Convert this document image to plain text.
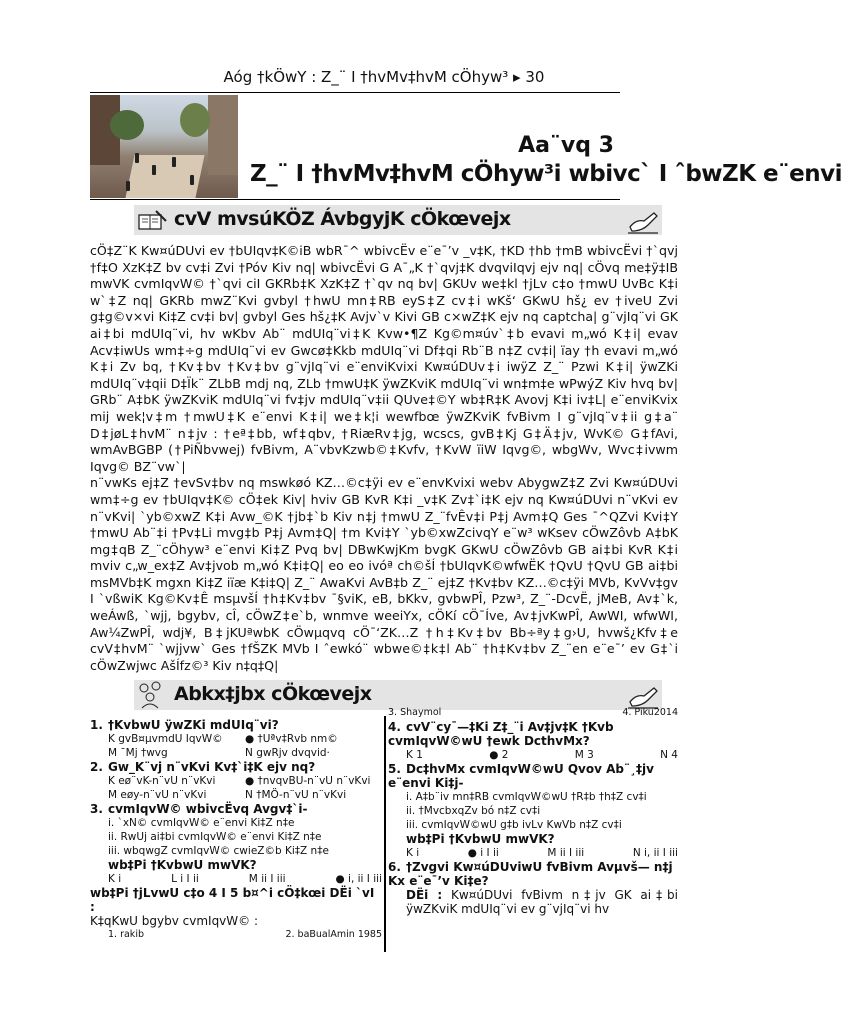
Aóg †kÖwY : Z_¨ I †hvMv‡hvM cÖhyw³ ▸ 30
Aa¨vq 3
Z_¨ I †hvMv‡hvM cÖhyw³i wbivc` I ˆbwZK e¨envi
cvV mvsúKÖZ ÁvbgyjK cÖkœvejx

cÖ‡Z¨K Kw¤úDUvi ev †bUIqv‡K©iB wbR¯^ wbivcËv e¨e¯’v _v‡K, †KD †hb †mB wbivcËvi †`qvj †f‡O XzK‡Z bv cv‡i Zvi †Póv Kiv nq| wbivcËvi G A¯„K †`qvj‡K dvqviIqvj ejv nq| cÖvq me‡ÿ‡IB mwVK cvmIqvW© †`qvi ciI GKRb‡K XzK‡Z †`qv nq bv| GKUv we‡kl †jLv c‡o †mwU UvBc K‡i w`‡Z nq| GKRb mwZ¨Kvi gvbyl †hwU mn‡RB eyS‡Z cv‡i wKš‘ GKwU hš¿ ev †iveU Zvi g‡g©v×vi Ki‡Z cv‡i bv| gvbyl Ges hš¿‡K Avjv`v Kivi GB c×wZ‡K ejv nq captcha| g¨vjIq¨vi GK ai‡bi mdUIq¨vi, hv wKbv Ab¨ mdUIq¨vi‡K Kvw•¶Z Kg©m¤úv`‡b evavi m„wó K‡i| evav Acv‡iwUs wm‡÷g mdUIq¨vi ev Gwcø‡Kkb mdUIq¨vi Df‡qi Rb¨B n‡Z cv‡i| ïay †h evavi m„wó K‡i Zv bq, †Kv‡bv †Kv‡bv g¨vjIq¨vi e¨enviKvixi Kw¤úDUv‡i iwÿZ Z_¨ Pzwi K‡i| ÿwZKi mdUIq¨v‡qii D‡Ïk¨ ZLbB mdj nq, ZLb †mwU‡K ÿwZKviK mdUIq¨vi wn‡m‡e wPwýZ Kiv hvq bv| GRb¨ A‡bK ÿwZKviK mdUIq¨vi fv‡jv mdUIq¨v‡ii QUve‡©Y wb‡R‡K Avovj K‡i iv‡L| e¨enviKvix mij wek¦v‡m †mwU‡K e¨envi K‡i| we‡k¦i wewfbœ ÿwZKviK fvBivm I g¨vjIq¨v‡ii g‡a¨ D‡jøL‡hvM¨ n‡jv : †eª‡bb, wf‡qbv, †RiæRv‡jg, wcscs, gvB‡Kj G‡Ä‡jv, WvK© G‡fAvi, wmAvBGBP (†PiÑbvwej) fvBivm, A¨vbvKzwb©‡Kvfv, †KvW ïiW Iqvg©, wbgWv, Wvc‡ivwm Iqvg© BZ¨vw`|

n¨vwKs ej‡Z †evSv‡bv nq mswkøó KZ…©c‡ÿi ev e¨envKvixi webv AbygwZ‡Z Zvi Kw¤úDUvi wm‡÷g ev †bUIqv‡K© cÖ‡ek Kiv| hviv GB KvR K‡i _v‡K Zv‡`i‡K ejv nq Kw¤úDUvi n¨vKvi ev n¨vKvi| `yb©xwZ K‡i Avw_©K †jb‡`b Kiv n‡j †mwU Z_¨fvÊv‡i P‡j Avm‡Q Ges ¯^QZvi Kvi‡Y †mwU Ab¨‡i †Pv‡Li mvg‡b P‡j Avm‡Q| †m Kvi‡Y `yb©xwZcivqY e¨w³ wKsev cÖwZôvb A‡bK mg‡qB Z_¨cÖhyw³ e¨envi Ki‡Z Pvq bv| DBwKwjKm bvgK GKwU cÖwZôvb GB ai‡bi KvR K‡i mviv c„w_ex‡Z Av‡jvob m„wó K‡i‡Q| eo eo ivóª ch©šÍ †bUIqvK©wfwËK †QvU †QvU GB ai‡bi msMVb‡K mgxn Ki‡Z iïæ K‡i‡Q| Z_¨ AwaKvi AvB‡b Z_¨ ej‡Z †Kv‡bv KZ…©c‡ÿi MVb, KvVv‡gv I `vßwiK Kg©Kv‡Ê msµvšÍ †h‡Kv‡bv ¯§viK, eB, bKkv, gvbwPÎ, Pzw³, Z_¨-DcvË, jMeB, Av‡`k, weÁwß, `wjj, bgybv, cÎ, cÖwZ‡e`b, wnmve weeiYx, cÖKí cÖ¯Íve, Av‡jvKwPÎ, AwWI, wfwWI, Aw¼ZwPÎ, wdj¥, B‡jKUªwbK cÖwµqvq cÖ¯‘ZK…Z †h‡Kv‡bv Bb÷ªy‡g›U, hvwš¿Kfv‡e cvV‡hvM¨ `wjjvw` Ges †fŠZK MVb I ˆewkó¨ wbwe©‡k‡l Ab¨ †h‡Kv‡bv Z_¨en e¨e¯’ ev G‡`i cÖwZwjwc AšÍfz©³ Kiv n‡q‡Q|

Abkx‡jbx cÖkœvejx
1. †KvbwU ÿwZKi mdUIq¨vi?
K gvB¤µvmdU IqvW©	● †Uªv‡Rvb nm©
M ¯Mj †wvg	N gwRjv dvqvid·
2. Gw_K¨vj n¨vKvi Kv‡`i‡K ejv nq?
K eø¨vK-n¨vU n¨vKvi	● †nvqvBU-n¨vU n¨vKvi
M eøy-n¨vU n¨vKvi	N †MÖ-n¨vU n¨vKvi
3. cvmIqvW© wbivcËvq Avgv‡`i-
i. `xN© cvmIqvW© e¨envi Ki‡Z n‡e
ii. RwUj ai‡bi cvmIqvW© e¨envi Ki‡Z n‡e
iii. wbqwgZ cvmIqvW© cwieZ©b Ki‡Z n‡e
wb‡Pi †KvbwU mwVK?
K i	L i I ii	M ii I iii	● i, ii I iii
wb‡Pi †jLvwU c‡o 4 I 5 b¤^i cÖ‡kœi DËi `vI :
K‡qKwU bgybv cvmIqvW© :
1. rakib	2. baBualAmin 1985
3. Shaymol	4. Piku2014
4. cvV¨cy¯—‡Ki Z‡_¨i Av‡jv‡K †Kvb cvmIqvW©wU †ewk DcthvMx?
K 1	● 2	M 3	N 4
5. Dc‡hvMx cvmIqvW©wU Qvov Ab¨¸‡jv e¨envi Ki‡j-
i. A‡b¨iv mn‡RB cvmIqvW©wU †R‡b †h‡Z cv‡i
ii. †MvcbxqZv bó n‡Z cv‡i
iii. cvmIqvW©wU g‡b ivLv KwVb n‡Z cv‡i
wb‡Pi †KvbwU mwVK?
K i	● i I ii	M ii I iii	N i, ii I iii
6. †Zvgvi Kw¤úDUviwU fvBivm Avµvš— n‡j Kx e¨e¯’v Ki‡e?
DËi : Kw¤úDUvi fvBivm n‡jv GK ai‡bi ÿwZKviK mdUIq¨vi ev g¨vjIq¨vi hv
